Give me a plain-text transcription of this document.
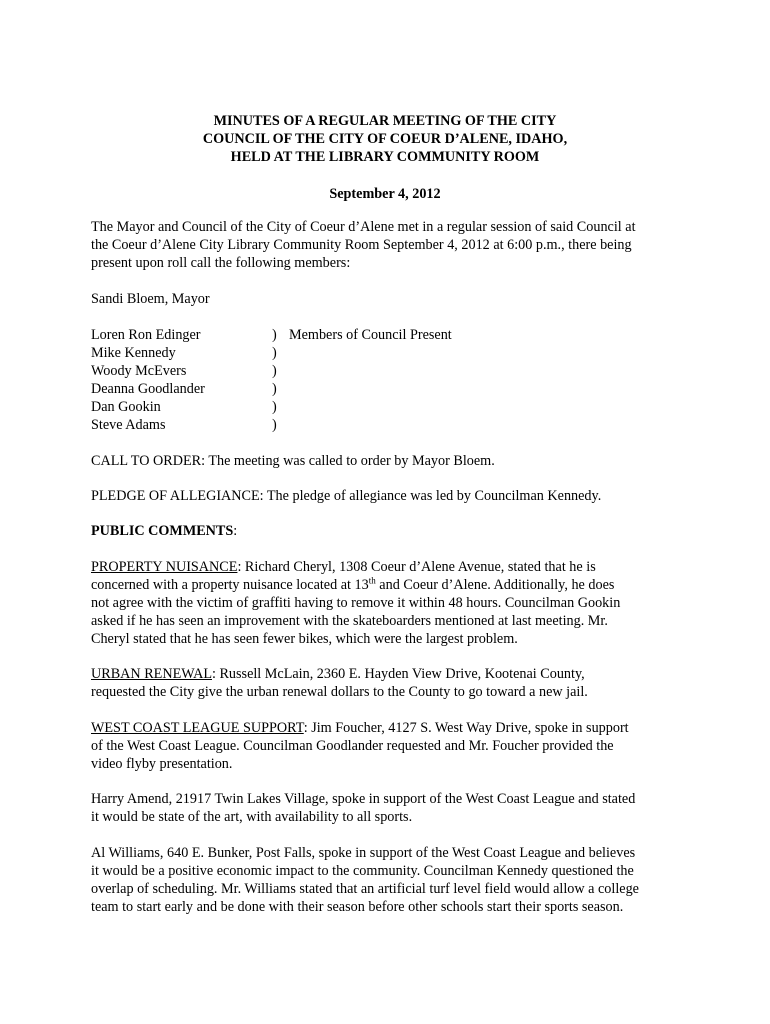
MINUTES OF A REGULAR MEETING OF THE CITY
COUNCIL OF THE CITY OF COEUR D’ALENE, IDAHO,
HELD AT THE LIBRARY COMMUNITY ROOM
September 4, 2012
The Mayor and Council of the City of Coeur d’Alene met in a regular session of said Council at
the Coeur d’Alene City Library Community Room September 4, 2012 at 6:00 p.m., there being
present upon roll call the following members:
Sandi Bloem, Mayor
Loren Ron Edinger	) Members of Council Present
Mike Kennedy	)
Woody McEvers	)
Deanna Goodlander	)
Dan Gookin	)
Steve Adams	)
CALL TO ORDER: The meeting was called to order by Mayor Bloem.
PLEDGE OF ALLEGIANCE: The pledge of allegiance was led by Councilman Kennedy.
PUBLIC COMMENTS:
PROPERTY NUISANCE: Richard Cheryl, 1308 Coeur d’Alene Avenue, stated that he is
concerned with a property nuisance located at 13th and Coeur d’Alene. Additionally, he does
not agree with the victim of graffiti having to remove it within 48 hours. Councilman Gookin
asked if he has seen an improvement with the skateboarders mentioned at last meeting. Mr.
Cheryl stated that he has seen fewer bikes, which were the largest problem.
URBAN RENEWAL: Russell McLain, 2360 E. Hayden View Drive, Kootenai County,
requested the City give the urban renewal dollars to the County to go toward a new jail.
WEST COAST LEAGUE SUPPORT: Jim Foucher, 4127 S. West Way Drive, spoke in support
of the West Coast League. Councilman Goodlander requested and Mr. Foucher provided the
video flyby presentation.
Harry Amend, 21917 Twin Lakes Village, spoke in support of the West Coast League and stated
it would be state of the art, with availability to all sports.
Al Williams, 640 E. Bunker, Post Falls, spoke in support of the West Coast League and believes
it would be a positive economic impact to the community. Councilman Kennedy questioned the
overlap of scheduling. Mr. Williams stated that an artificial turf level field would allow a college
team to start early and be done with their season before other schools start their sports season.
